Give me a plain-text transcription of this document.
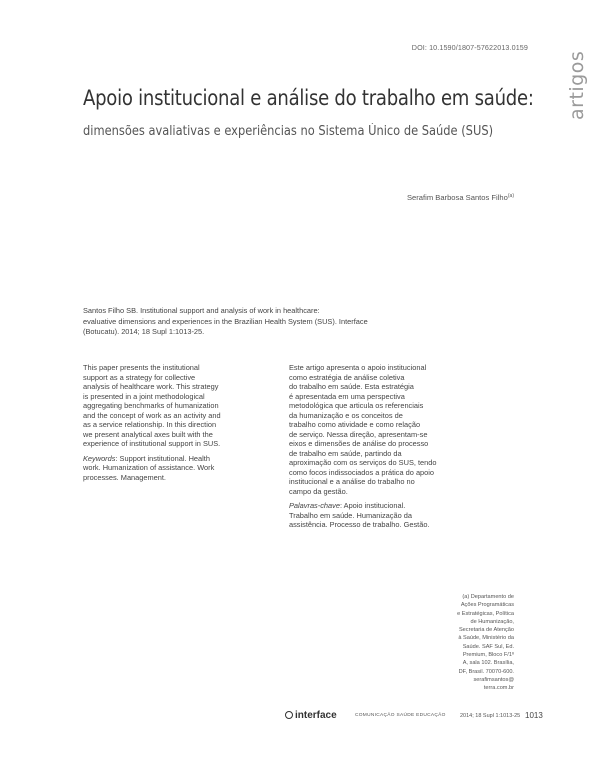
DOI: 10.1590/1807-57622013.0159
artigos
Apoio institucional e análise do trabalho em saúde:
dimensões avaliativas e experiências no Sistema Único de Saúde (SUS)
Serafim Barbosa Santos Filho$^{(a)}$
Santos Filho SB. Institutional support and analysis of work in healthcare:
evaluative dimensions and experiences in the Brazilian Health System (SUS). Interface
(Botucatu). 2014; 18 Supl 1:1013-25.

This paper presents the institutional
support as a strategy for collective
analysis of healthcare work. This strategy
is presented in a joint methodological
aggregating benchmarks of humanization
and the concept of work as an activity and
as a service relationship. In this direction
we present analytical axes built with the
experience of institutional support in SUS.

Keywords: Support institutional. Health
work. Humanization of assistance. Work
processes. Management.

Este artigo apresenta o apoio institucional
como estratégia de análise coletiva
do trabalho em saúde. Esta estratégia
é apresentada em uma perspectiva
metodológica que articula os referenciais
da humanização e os conceitos de
trabalho como atividade e como relação
de serviço. Nessa direção, apresentam-se
eixos e dimensões de análise do processo
de trabalho em saúde, partindo da
aproximação com os serviços do SUS, tendo
como focos indissociados a prática do apoio
institucional e a análise do trabalho no
campo da gestão.

Palavras-chave: Apoio institucional.
Trabalho em saúde. Humanização da
assistência. Processo de trabalho. Gestão.

(a) Departamento de
Ações Programáticas
e Estratégicas, Política
de Humanização,
Secretaria de Atenção
à Saúde, Ministério da
Saúde. SAF Sul, Ed.
Premium, Bloco F/1º
A, sala 102. Brasília,
DF, Brasil. 70070-600.
serafimsantos@
terra.com.br
interface	COMUNICAÇÃO SAÚDE EDUCAÇÃO	2014; 18 Supl 1:1013-25 1013
